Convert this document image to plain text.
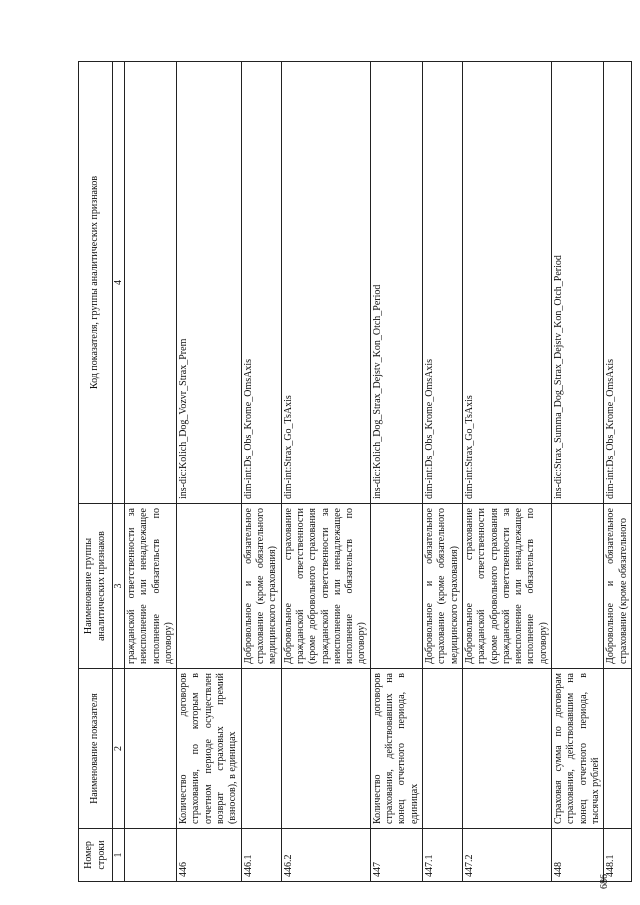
Номер строки	Наименование показателя	Наименование группы аналитических признаков	Код показателя, группы аналитических признаков
1	2	3	4
		гражданской ответственности за неисполнение или ненадлежащее исполнение обязательств по договору)	
446	Количество договоров страхования, по которым в отчетном периоде осуществлен возврат страховых премий (взносов), в единицах		ins-dic:Kolich_Dog_Vozvr_Strax_Prem
446.1		Добровольное и обязательное страхование (кроме обязательного медицинского страхования)	dim-int:Ds_Obs_Krome_OmsAxis
446.2		Добровольное страхование гражданской ответственности (кроме добровольного страхования гражданской ответственности за неисполнение или ненадлежащее исполнение обязательств по договору)	dim-int:Strax_Go_TsAxis
447	Количество договоров страхования, действовавших на конец отчетного периода, в единицах		ins-dic:Kolich_Dog_Strax_Dejstv_Kon_Otch_Period
447.1		Добровольное и обязательное страхование (кроме обязательного медицинского страхования)	dim-int:Ds_Obs_Krome_OmsAxis
447.2		Добровольное страхование гражданской ответственности (кроме добровольного страхования гражданской ответственности за неисполнение или ненадлежащее исполнение обязательств по договору)	dim-int:Strax_Go_TsAxis
448	Страховая сумма по договорам страхования, действовавшим на конец отчетного периода, в тысячах рублей		ins-dic:Strax_Summa_Dog_Strax_Dejstv_Kon_Otch_Period
448.1		Добровольное и обязательное страхование (кроме обязательного	dim-int:Ds_Obs_Krome_OmsAxis
686
